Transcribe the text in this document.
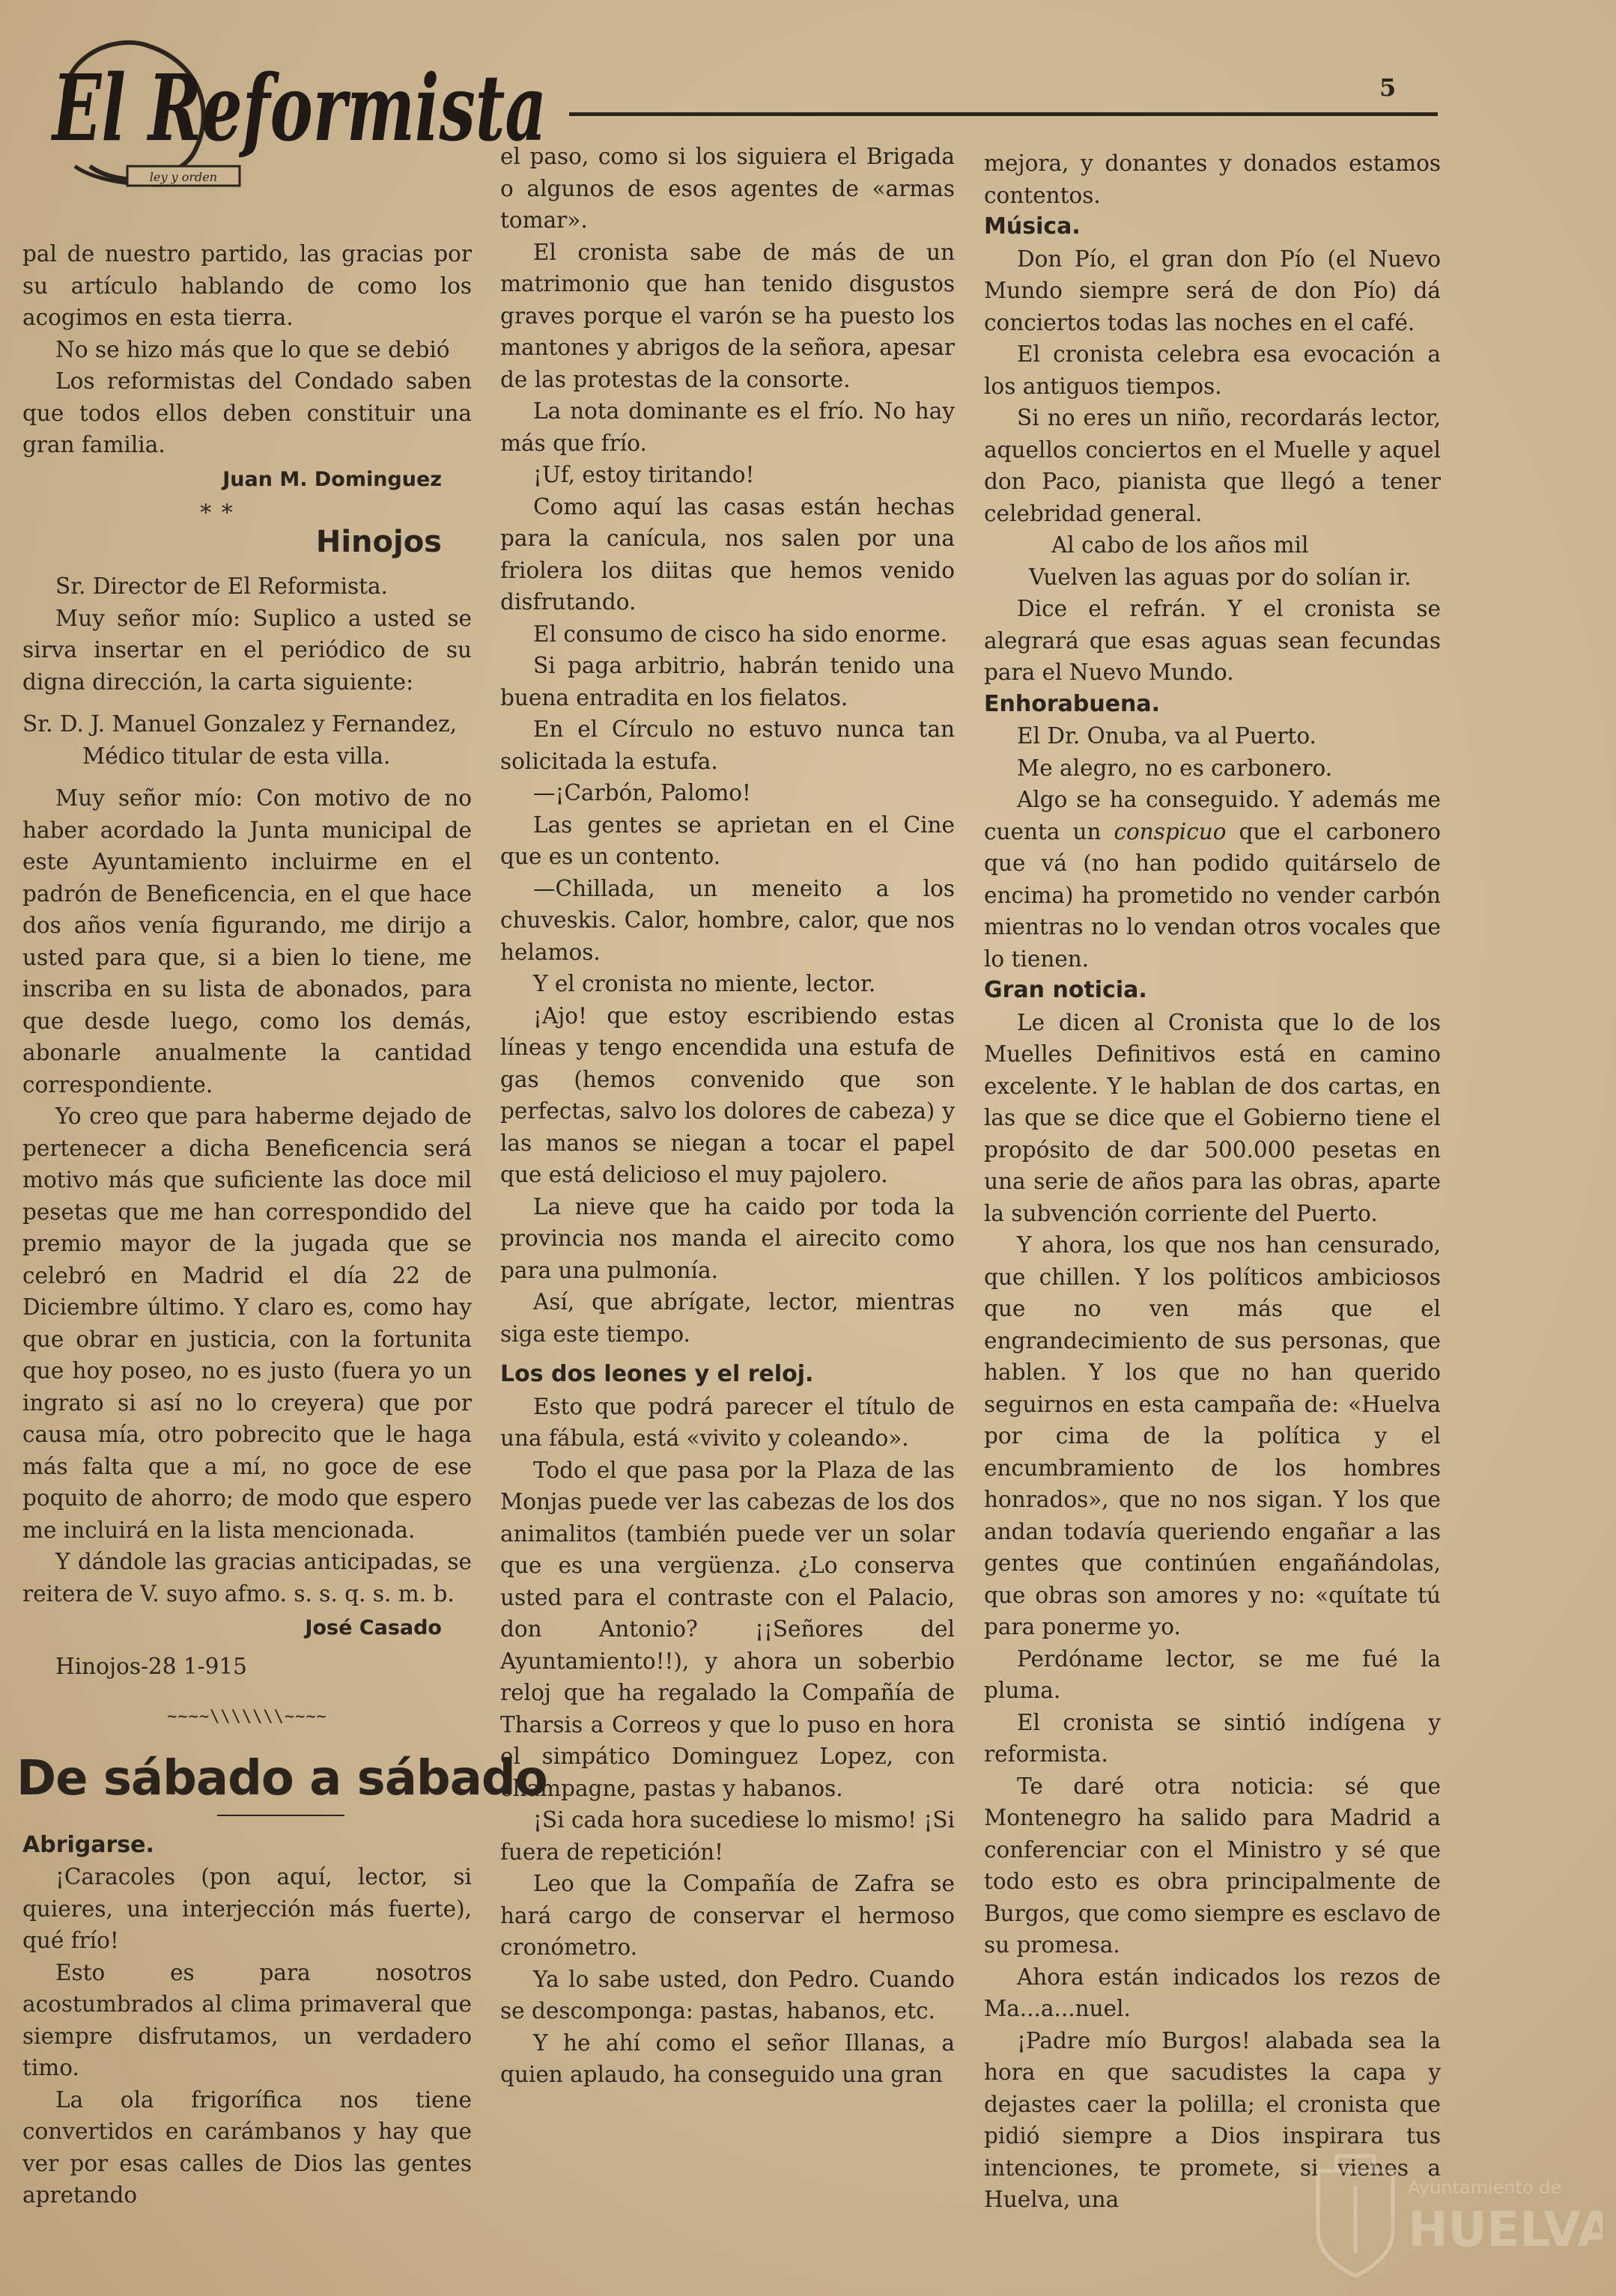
ley y orden
El Reformista	5

pal de nuestro partido, las gracias por su artículo hablando de como los acogimos en esta tierra.

No se hizo más que lo que se debió

Los reformistas del Condado saben que todos ellos deben constituir una gran familia.

Juan M. Dominguez
* *
Hinojos

Sr. Director de El Reformista.

Muy señor mío: Suplico a usted se sirva insertar en el periódico de su digna dirección, la carta siguiente:

Sr. D. J. Manuel Gonzalez y Fernandez,

Médico titular de esta villa.

Muy señor mío: Con motivo de no haber acordado la Junta municipal de este Ayuntamiento incluirme en el padrón de Beneficencia, en el que hace dos años venía figurando, me dirijo a usted para que, si a bien lo tiene, me inscriba en su lista de abonados, para que desde luego, como los demás, abonarle anualmente la cantidad correspondiente.

Yo creo que para haberme dejado de pertenecer a dicha Beneficencia será motivo más que suficiente las doce mil pesetas que me han correspondido del premio mayor de la jugada que se celebró en Madrid el día 22 de Diciembre último. Y claro es, como hay que obrar en justicia, con la fortunita que hoy poseo, no es justo (fuera yo un ingrato si así no lo creyera) que por causa mía, otro pobrecito que le haga más falta que a mí, no goce de ese poquito de ahorro; de modo que espero me incluirá en la lista mencionada.

Y dándole las gracias anticipadas, se reitera de V. suyo afmo. s. s. q. s. m. b.

José Casado

Hinojos-28 1-915

~~~~\\\\\\\~~~~
De sábado a sábado

Abrigarse.

¡Caracoles (pon aquí, lector, si quieres, una interjección más fuerte), qué frío!

Esto es para nosotros acostumbrados al clima primaveral que siempre disfrutamos, un verdadero timo.

La ola frigorífica nos tiene convertidos en carámbanos y hay que ver por esas calles de Dios las gentes apretando

el paso, como si los siguiera el Brigada o algunos de esos agentes de «armas tomar».

El cronista sabe de más de un matrimonio que han tenido disgustos graves porque el varón se ha puesto los mantones y abrigos de la señora, apesar de las protestas de la consorte.

La nota dominante es el frío. No hay más que frío.

¡Uf, estoy tiritando!

Como aquí las casas están hechas para la canícula, nos salen por una friolera los diitas que hemos venido disfrutando.

El consumo de cisco ha sido enorme.

Si paga arbitrio, habrán tenido una buena entradita en los fielatos.

En el Círculo no estuvo nunca tan solicitada la estufa.

—¡Carbón, Palomo!

Las gentes se aprietan en el Cine que es un contento.

—Chillada, un meneito a los chuveskis. Calor, hombre, calor, que nos helamos.

Y el cronista no miente, lector.

¡Ajo! que estoy escribiendo estas líneas y tengo encendida una estufa de gas (hemos convenido que son perfectas, salvo los dolores de cabeza) y las manos se niegan a tocar el papel que está delicioso el muy pajolero.

La nieve que ha caido por toda la provincia nos manda el airecito como para una pulmonía.

Así, que abrígate, lector, mientras siga este tiempo.

Los dos leones y el reloj.

Esto que podrá parecer el título de una fábula, está «vivito y coleando».

Todo el que pasa por la Plaza de las Monjas puede ver las cabezas de los dos animalitos (también puede ver un solar que es una vergüenza. ¿Lo conserva usted para el contraste con el Palacio, don Antonio? ¡¡Señores del Ayuntamiento!!), y ahora un soberbio reloj que ha regalado la Compañía de Tharsis a Correos y que lo puso en hora el simpático Dominguez Lopez, con champagne, pastas y habanos.

¡Si cada hora sucediese lo mismo! ¡Si fuera de repetición!

Leo que la Compañía de Zafra se hará cargo de conservar el hermoso cronómetro.

Ya lo sabe usted, don Pedro. Cuando se descomponga: pastas, habanos, etc.

Y he ahí como el señor Illanas, a quien aplaudo, ha conseguido una gran

mejora, y donantes y donados estamos contentos.

Música.

Don Pío, el gran don Pío (el Nuevo Mundo siempre será de don Pío) dá conciertos todas las noches en el café.

El cronista celebra esa evocación a los antiguos tiempos.

Si no eres un niño, recordarás lector, aquellos conciertos en el Muelle y aquel don Paco, pianista que llegó a tener celebridad general.

Al cabo de los años mil

Vuelven las aguas por do solían ir.

Dice el refrán. Y el cronista se alegrará que esas aguas sean fecundas para el Nuevo Mundo.

Enhorabuena.

El Dr. Onuba, va al Puerto.

Me alegro, no es carbonero.

Algo se ha conseguido. Y además me cuenta un conspicuo que el carbonero que vá (no han podido quitárselo de encima) ha prometido no vender carbón mientras no lo vendan otros vocales que lo tienen.

Gran noticia.

Le dicen al Cronista que lo de los Muelles Definitivos está en camino excelente. Y le hablan de dos cartas, en las que se dice que el Gobierno tiene el propósito de dar 500.000 pesetas en una serie de años para las obras, aparte la subvención corriente del Puerto.

Y ahora, los que nos han censurado, que chillen. Y los políticos ambiciosos que no ven más que el engrandecimiento de sus personas, que hablen. Y los que no han querido seguirnos en esta campaña de: «Huelva por cima de la política y el encumbramiento de los hombres honrados», que no nos sigan. Y los que andan todavía queriendo engañar a las gentes que continúen engañándolas, que obras son amores y no: «quítate tú para ponerme yo.

Perdóname lector, se me fué la pluma.

El cronista se sintió indígena y reformista.

Te daré otra noticia: sé que Montenegro ha salido para Madrid a conferenciar con el Ministro y sé que todo esto es obra principalmente de Burgos, que como siempre es esclavo de su promesa.

Ahora están indicados los rezos de Ma...a...nuel.

¡Padre mío Burgos! alabada sea la hora en que sacudistes la capa y dejastes caer la polilla; el cronista que pidió siempre a Dios inspirara tus intenciones, te promete, si vienes a Huelva, una	Ayuntamiento de
HUELVA
